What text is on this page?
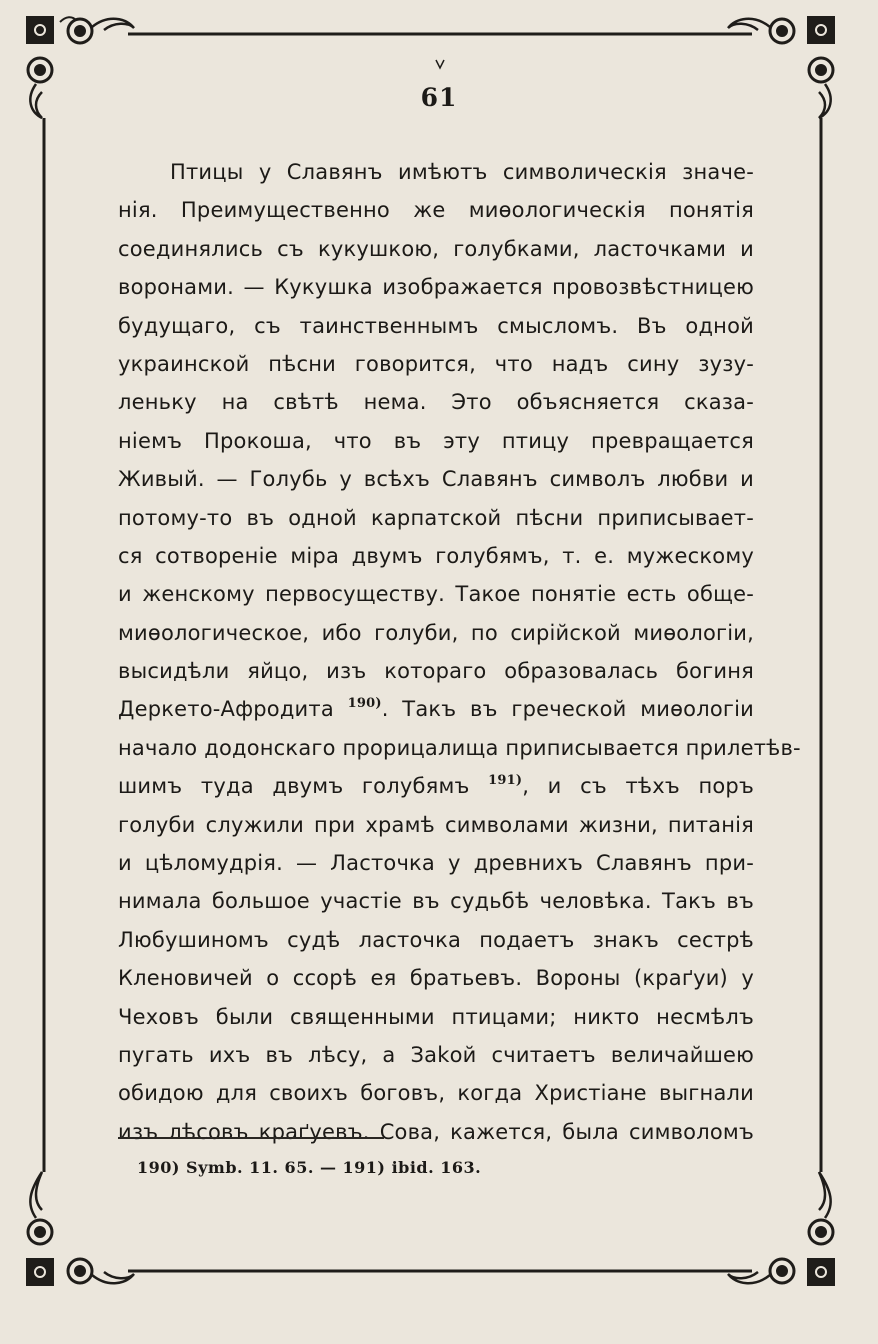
61
Птицы у Славянъ имѣютъ символическія значе-
нія. Преимущественно же миѳологическія понятія
соединялись съ кукушкою, голубками, ласточками и
воронами. — Кукушка изображается провозвѣстницею
будущаго, съ таинственнымъ смысломъ. Въ одной
украинской пѣсни говорится, что надъ сину зузу-
леньку на свѣтѣ нема. Это объясняется сказа-
ніемъ Прокоша, что въ эту птицу превращается
Живый. — Голубь у всѣхъ Славянъ символъ любви и
потому-то въ одной карпатской пѣсни приписывает-
ся сотвореніе міра двумъ голубямъ, т. е. мужескому
и женскому первосуществу. Такое понятіе есть обще-
миѳологическое, ибо голуби, по сирійской миѳологіи,
высидѣли яйцо, изъ котораго образовалась богиня
Деркето-Афродита $^{190)}$. Такъ въ греческой миѳологіи
начало додонскаго прорицалища приписывается прилетѣв-
шимъ туда двумъ голубямъ $^{191)}$, и съ тѣхъ поръ
голуби служили при храмѣ символами жизни, питанія
и цѣломудрія. — Ласточка у древнихъ Славянъ при-
нимала большое участіе въ судьбѣ человѣка. Такъ въ
Любушиномъ судѣ ласточка подаетъ знакъ сестрѣ
Кленовичей о ссорѣ ея братьевъ. Вороны (краґуи) у
Чеховъ были священными птицами; никто несмѣлъ
пугать ихъ въ лѣсу, а Заkой считаетъ величайшею
обидою для своихъ боговъ, когда Христіане выгнали
изъ лѣсовъ краґуевъ. Сова, кажется, была символомъ
190) Symb. 11. 65. — 191) ibid. 163.
